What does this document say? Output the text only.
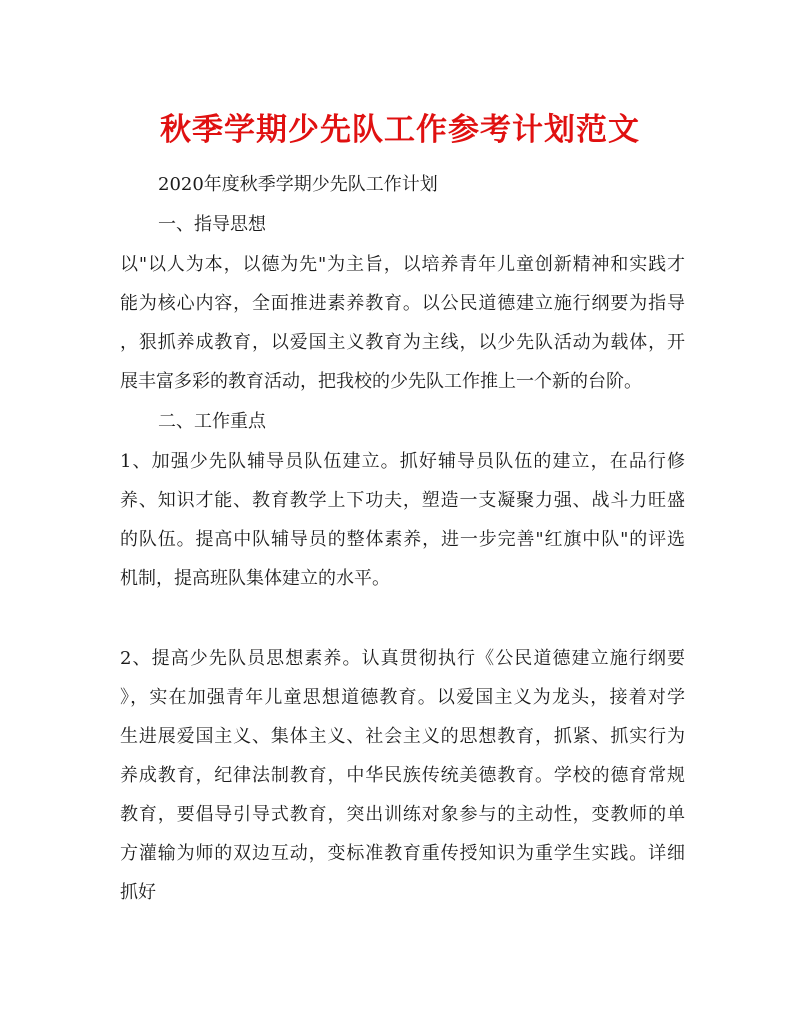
秋季学期少先队工作参考计划范文
2020年度秋季学期少先队工作计划
一、指导思想
以"以人为本，以德为先"为主旨，以培养青年儿童创新精神和实践才
能为核心内容，全面推进素养教育。以公民道德建立施行纲要为指导
，狠抓养成教育，以爱国主义教育为主线，以少先队活动为载体，开
展丰富多彩的教育活动，把我校的少先队工作推上一个新的台阶。
二、工作重点
1、加强少先队辅导员队伍建立。抓好辅导员队伍的建立，在品行修
养、知识才能、教育教学上下功夫，塑造一支凝聚力强、战斗力旺盛
的队伍。提高中队辅导员的整体素养，进一步完善"红旗中队"的评选
机制，提高班队集体建立的水平。
2、提高少先队员思想素养。认真贯彻执行《公民道德建立施行纲要
》，实在加强青年儿童思想道德教育。以爱国主义为龙头，接着对学
生进展爱国主义、集体主义、社会主义的思想教育，抓紧、抓实行为
养成教育，纪律法制教育，中华民族传统美德教育。学校的德育常规
教育，要倡导引导式教育，突出训练对象参与的主动性，变教师的单
方灌输为师的双边互动，变标准教育重传授知识为重学生实践。详细
抓好
